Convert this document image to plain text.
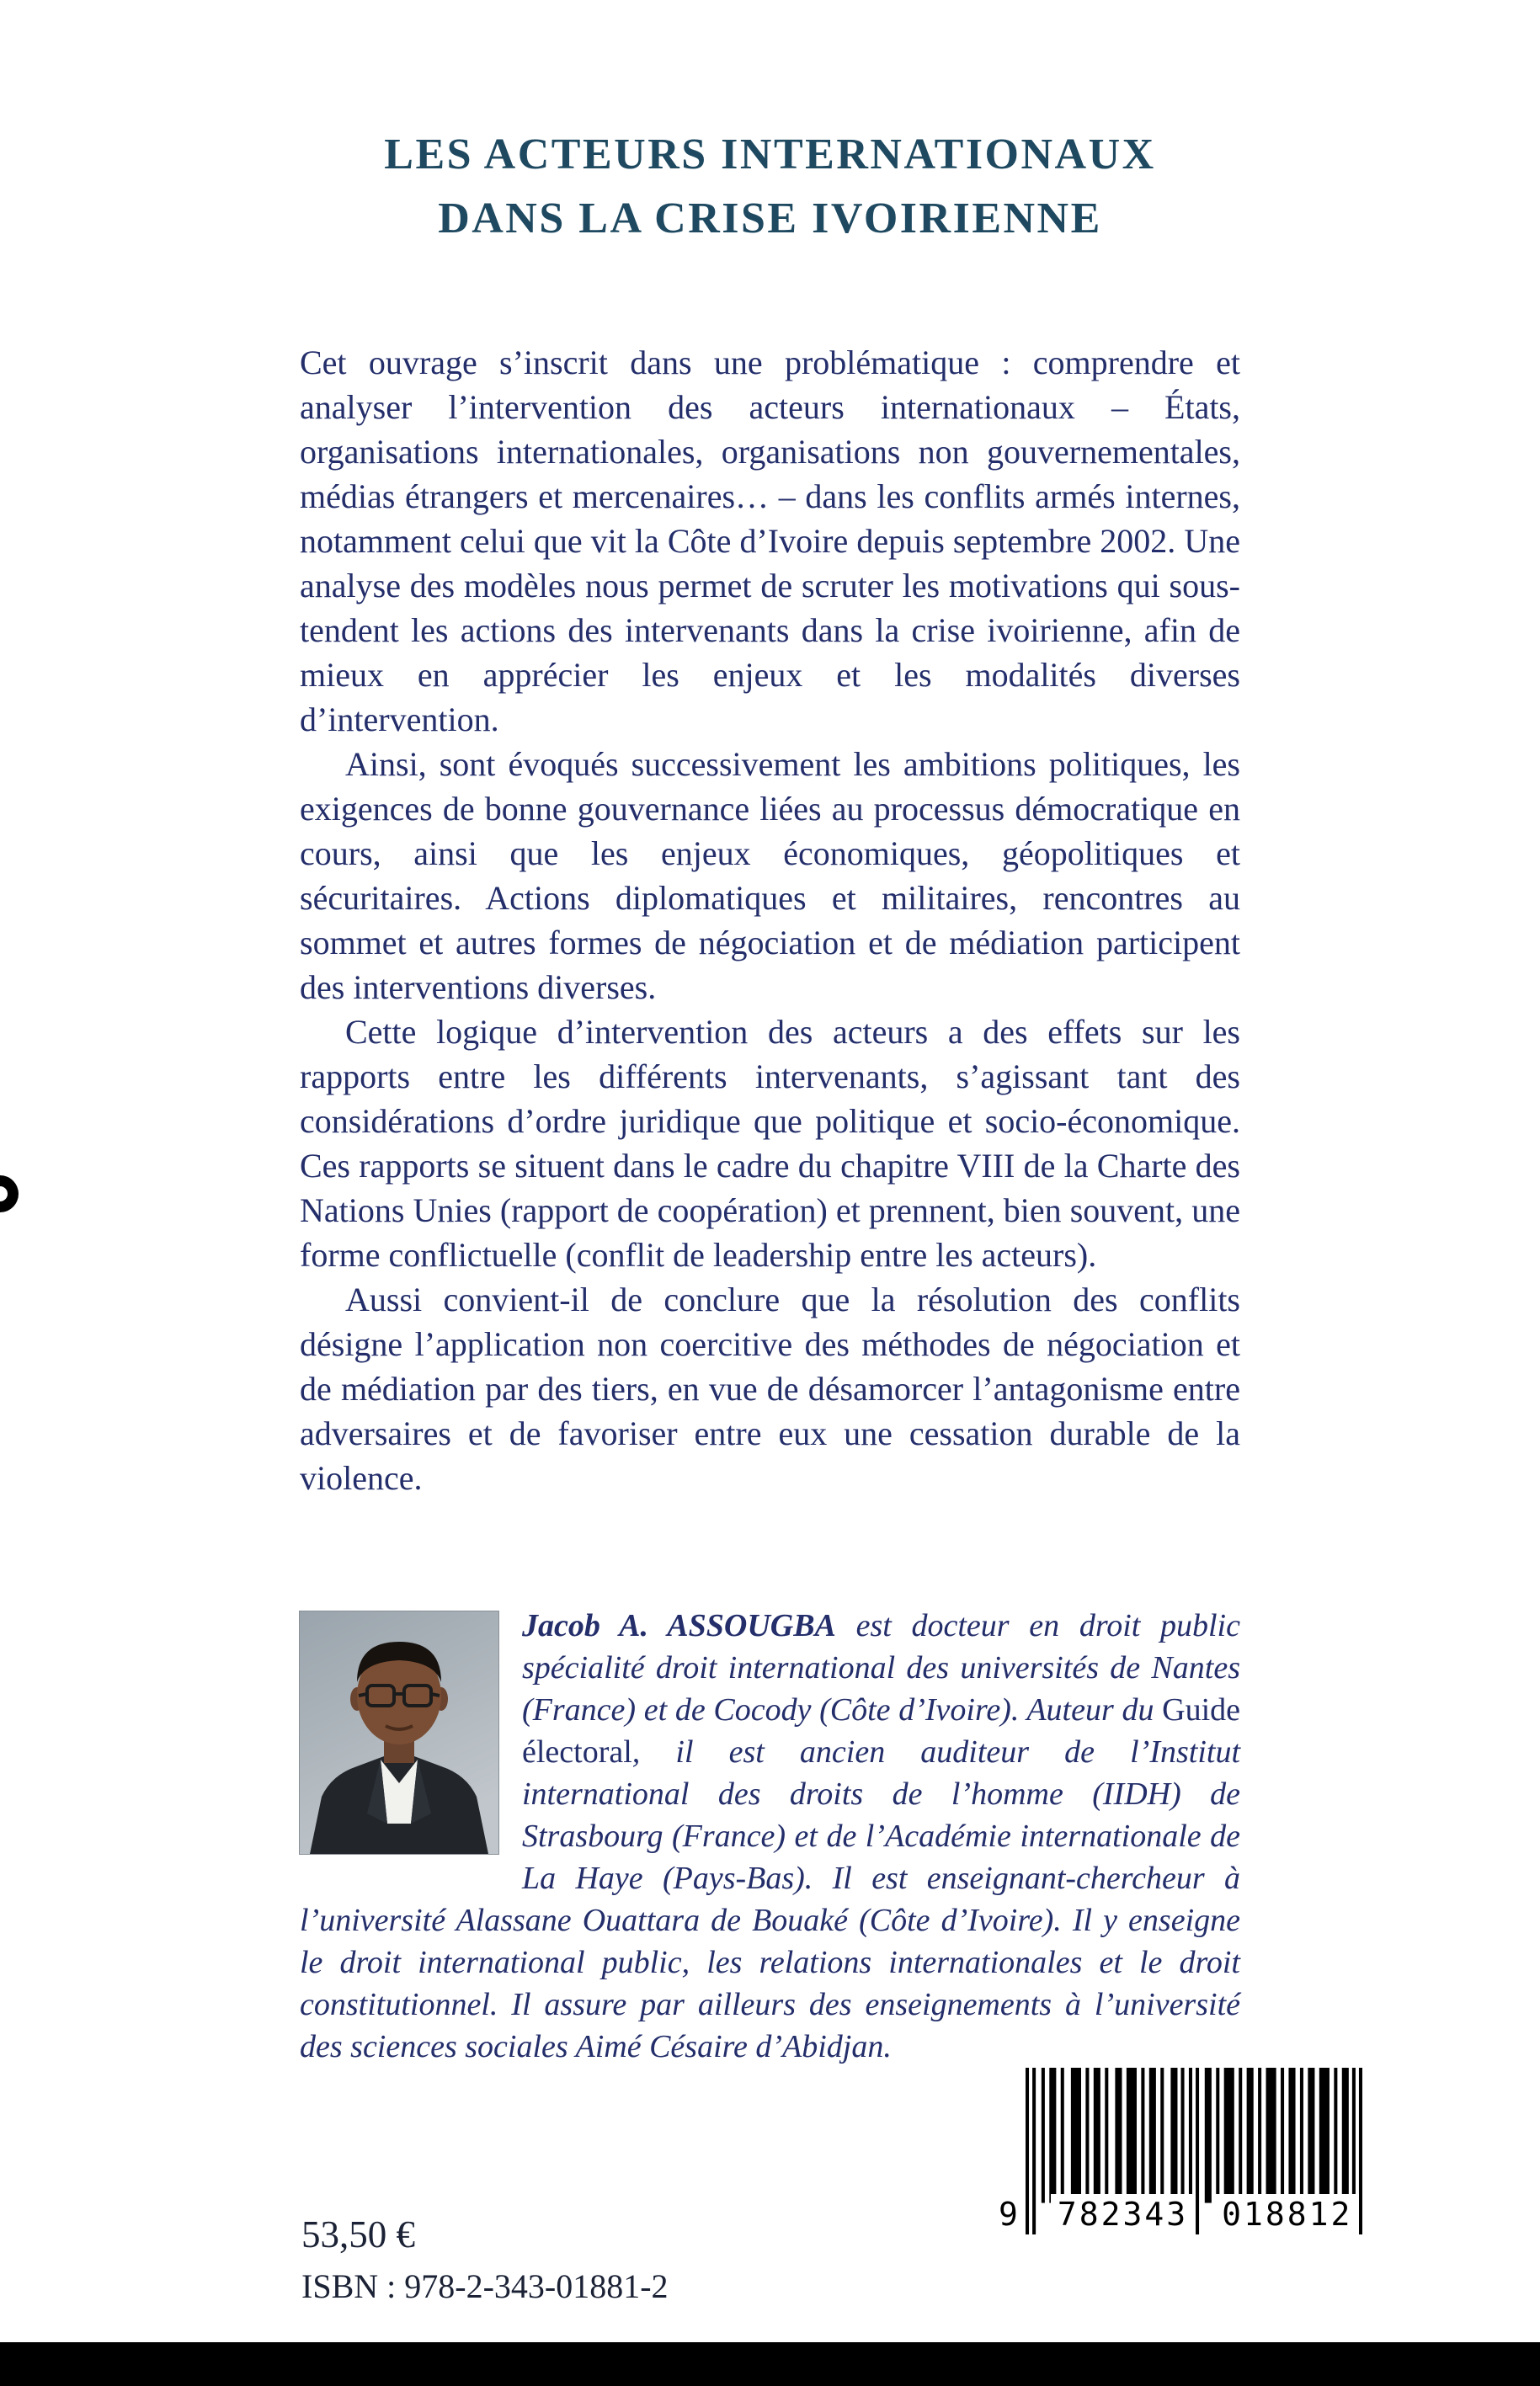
LES ACTEURS INTERNATIONAUX
DANS LA CRISE IVOIRIENNE

Cet ouvrage s’inscrit dans une problématique : comprendre et analyser l’intervention des acteurs internationaux – États, organisations internationales, organisations non gouvernementales, médias étrangers et mercenaires… – dans les conflits armés internes, notamment celui que vit la Côte d’Ivoire depuis septembre 2002. Une analyse des modèles nous permet de scruter les motivations qui sous-tendent les actions des intervenants dans la crise ivoirienne, afin de mieux en apprécier les enjeux et les modalités diverses d’intervention.

Ainsi, sont évoqués successivement les ambitions politiques, les exigences de bonne gouvernance liées au processus démocratique en cours, ainsi que les enjeux économiques, géopolitiques et sécuritaires. Actions diplomatiques et militaires, rencontres au sommet et autres formes de négociation et de médiation participent des interventions diverses.

Cette logique d’intervention des acteurs a des effets sur les rapports entre les différents intervenants, s’agissant tant des considérations d’ordre juridique que politique et socio-économique. Ces rapports se situent dans le cadre du chapitre VIII de la Charte des Nations Unies (rapport de coopération) et prennent, bien souvent, une forme conflictuelle (conflit de leadership entre les acteurs).

Aussi convient-il de conclure que la résolution des conflits désigne l’application non coercitive des méthodes de négociation et de médiation par des tiers, en vue de désamorcer l’antagonisme entre adversaires et de favoriser entre eux une cessation durable de la violence.

Jacob A. ASSOUGBA est docteur en droit public spécialité droit international des universités de Nantes (France) et de Cocody (Côte d’Ivoire). Auteur du Guide électoral, il est ancien auditeur de l’Institut international des droits de l’homme (IIDH) de Strasbourg (France) et de l’Académie internationale de La Haye (Pays-Bas). Il est enseignant-chercheur à l’université Alassane Ouattara de Bouaké (Côte d’Ivoire). Il y enseigne le droit international public, les relations internationales et le droit constitutionnel. Il assure par ailleurs des enseignements à l’université des sciences sociales Aimé Césaire d’Abidjan.

53,50 €
ISBN : 978-2-343-01881-2
9 782343 018812
